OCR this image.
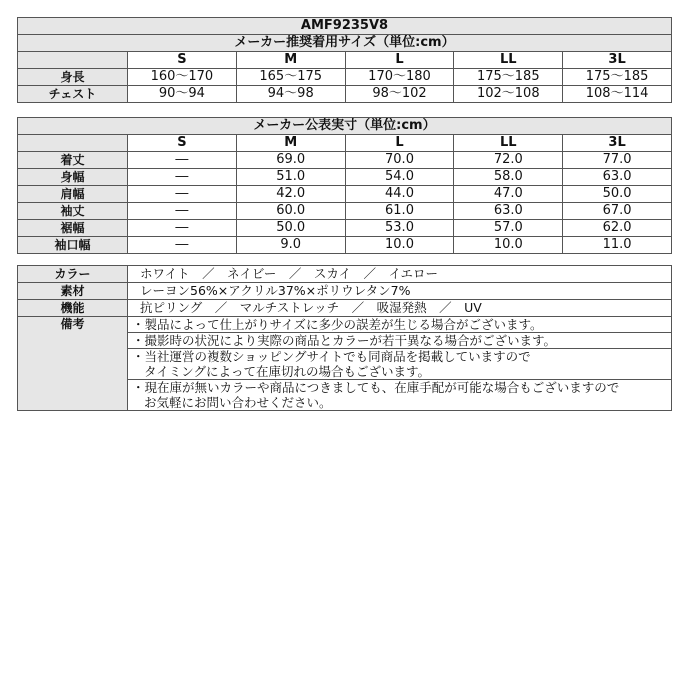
AMF9235V8					
メーカー推奨着用サイズ（単位:cm）					
	S	M	L	LL	3L
身長	160〜170	165〜175	170〜180	175〜185	175〜185
チェスト	90〜94	94〜98	98〜102	102〜108	108〜114
メーカー公表実寸（単位:cm）					
	S	M	L	LL	3L
着丈	―	69.0	70.0	72.0	77.0
身幅	―	51.0	54.0	58.0	63.0
肩幅	―	42.0	44.0	47.0	50.0
袖丈	―	60.0	61.0	63.0	67.0
裾幅	―	50.0	53.0	57.0	62.0
袖口幅	―	9.0	10.0	10.0	11.0
カラー	ホワイト　／　ネイビー　／　スカイ　／　イエロー
素材	レーヨン56%×アクリル37%×ポリウレタン7%
機能	抗ピリング　／　マルチストレッチ　／　吸湿発熱　／　UV
備考	・製品によって仕上がりサイズに多少の誤差が生じる場合がございます。

	・撮影時の状況により実際の商品とカラーが若干異なる場合がございます。

	・当社運営の複数ショッピングサイトでも同商品を掲載していますので
タイミングによって在庫切れの場合もございます。

	・現在庫が無いカラーや商品につきましても、在庫手配が可能な場合もございますので
お気軽にお問い合わせください。
